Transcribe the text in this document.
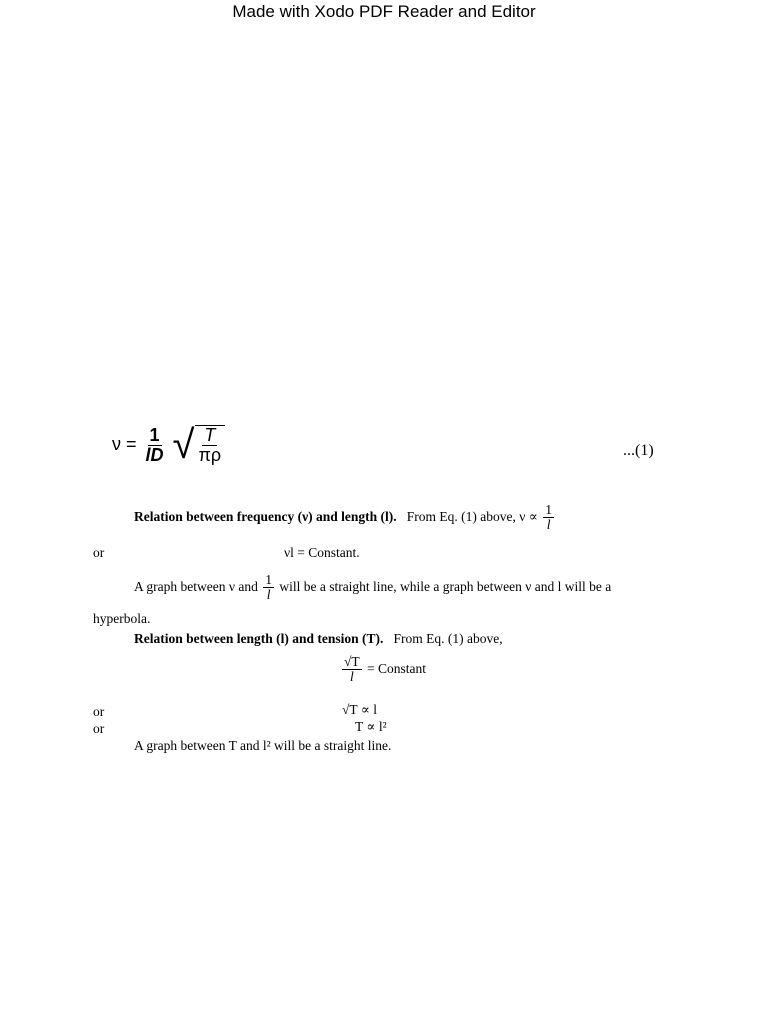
Made with Xodo PDF Reader and Editor
$\nu = \frac{1}{lD}$
√ $\frac{T}{\pi\rho}$	...(1)
Relation between frequency (ν) and length (l). From Eq. (1) above, $\nu \propto \frac{1}{l}$
or	νl = Constant.
A graph between ν and $\frac{1}{l}$ will be a straight line, while a graph between ν and l will be a
hyperbola.
Relation between length (l) and tension (T). From Eq. (1) above,
$\frac{√T}{l}$ = Constant
or	√T ∝ l
or	T ∝ l²
A graph between T and l² will be a straight line.
